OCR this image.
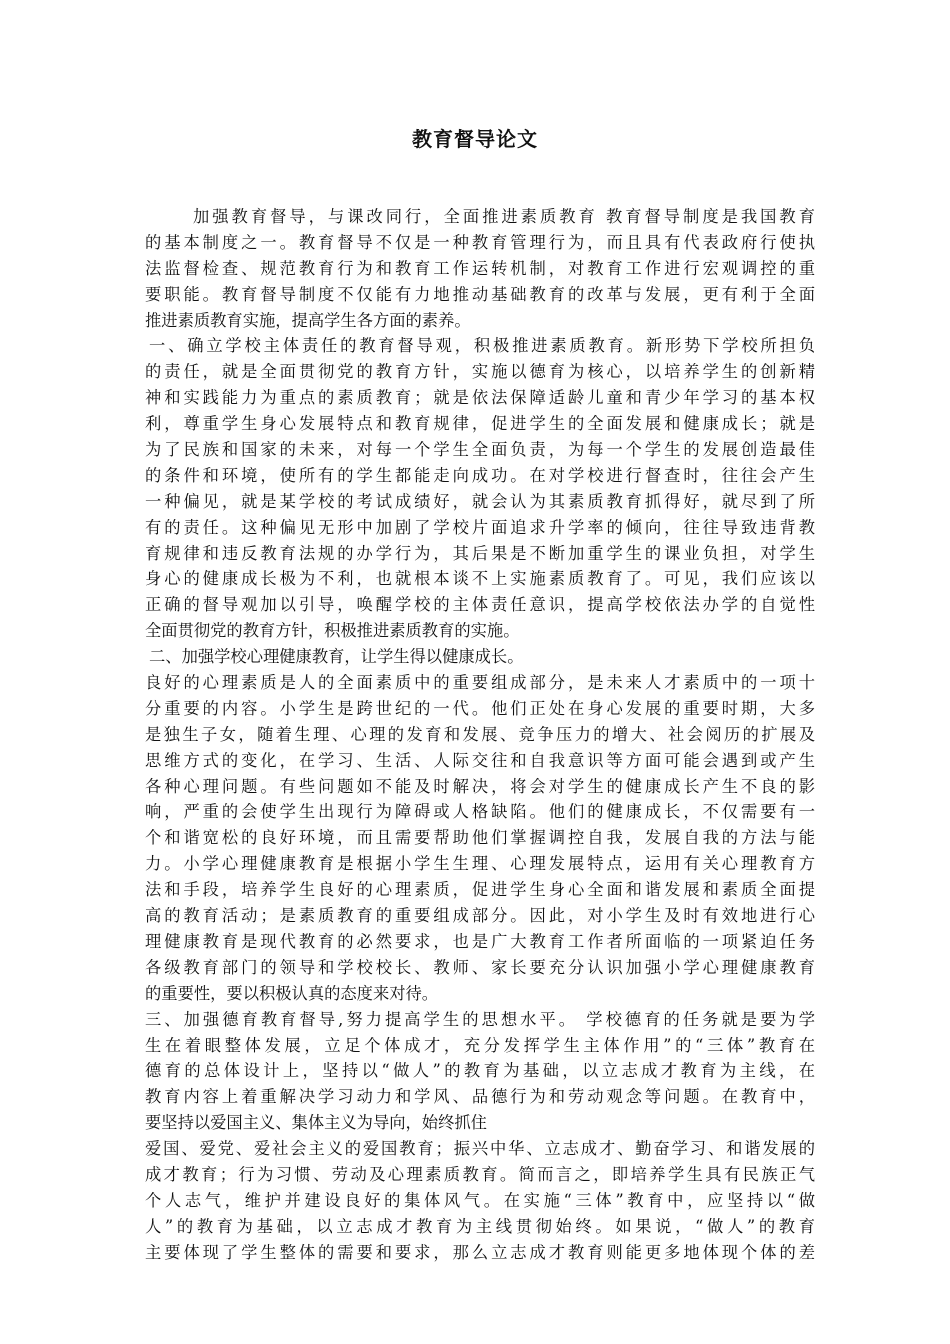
教育督导论文
加强教育督导，与课改同行，全面推进素质教育 教育督导制度是我国教育
的基本制度之一。教育督导不仅是一种教育管理行为，而且具有代表政府行使执
法监督检查、规范教育行为和教育工作运转机制，对教育工作进行宏观调控的重
要职能。教育督导制度不仅能有力地推动基础教育的改革与发展，更有利于全面
推进素质教育实施，提高学生各方面的素养。
一、确立学校主体责任的教育督导观，积极推进素质教育。新形势下学校所担负
的责任，就是全面贯彻党的教育方针，实施以德育为核心，以培养学生的创新精
神和实践能力为重点的素质教育；就是依法保障适龄儿童和青少年学习的基本权
利，尊重学生身心发展特点和教育规律，促进学生的全面发展和健康成长；就是
为了民族和国家的未来，对每一个学生全面负责，为每一个学生的发展创造最佳
的条件和环境，使所有的学生都能走向成功。在对学校进行督查时，往往会产生
一种偏见，就是某学校的考试成绩好，就会认为其素质教育抓得好，就尽到了所
有的责任。这种偏见无形中加剧了学校片面追求升学率的倾向，往往导致违背教
育规律和违反教育法规的办学行为，其后果是不断加重学生的课业负担，对学生
身心的健康成长极为不利，也就根本谈不上实施素质教育了。可见，我们应该以
正确的督导观加以引导，唤醒学校的主体责任意识，提高学校依法办学的自觉性
全面贯彻党的教育方针，积极推进素质教育的实施。
二、加强学校心理健康教育，让学生得以健康成长。
良好的心理素质是人的全面素质中的重要组成部分，是未来人才素质中的一项十
分重要的内容。小学生是跨世纪的一代。他们正处在身心发展的重要时期，大多
是独生子女，随着生理、心理的发育和发展、竞争压力的增大、社会阅历的扩展及
思维方式的变化，在学习、生活、人际交往和自我意识等方面可能会遇到或产生
各种心理问题。有些问题如不能及时解决，将会对学生的健康成长产生不良的影
响，严重的会使学生出现行为障碍或人格缺陷。他们的健康成长，不仅需要有一
个和谐宽松的良好环境，而且需要帮助他们掌握调控自我，发展自我的方法与能
力。小学心理健康教育是根据小学生生理、心理发展特点，运用有关心理教育方
法和手段，培养学生良好的心理素质，促进学生身心全面和谐发展和素质全面提
高的教育活动；是素质教育的重要组成部分。因此，对小学生及时有效地进行心
理健康教育是现代教育的必然要求，也是广大教育工作者所面临的一项紧迫任务
各级教育部门的领导和学校校长、教师、家长要充分认识加强小学心理健康教育
的重要性，要以积极认真的态度来对待。
三、加强德育教育督导,努力提高学生的思想水平。 学校德育的任务就是要为学
生在着眼整体发展，立足个体成才，充分发挥学生主体作用”的“三体”教育在
德育的总体设计上，坚持以“做人”的教育为基础，以立志成才教育为主线，在
教育内容上着重解决学习动力和学风、品德行为和劳动观念等问题。在教育中，
要坚持以爱国主义、集体主义为导向，始终抓住
爱国、爱党、爱社会主义的爱国教育；振兴中华、立志成才、勤奋学习、和谐发展的
成才教育；行为习惯、劳动及心理素质教育。简而言之，即培养学生具有民族正气
个人志气，维护并建设良好的集体风气。在实施“三体”教育中，应坚持以“做
人”的教育为基础，以立志成才教育为主线贯彻始终。如果说，“做人”的教育
主要体现了学生整体的需要和要求，那么立志成才教育则能更多地体现个体的差
